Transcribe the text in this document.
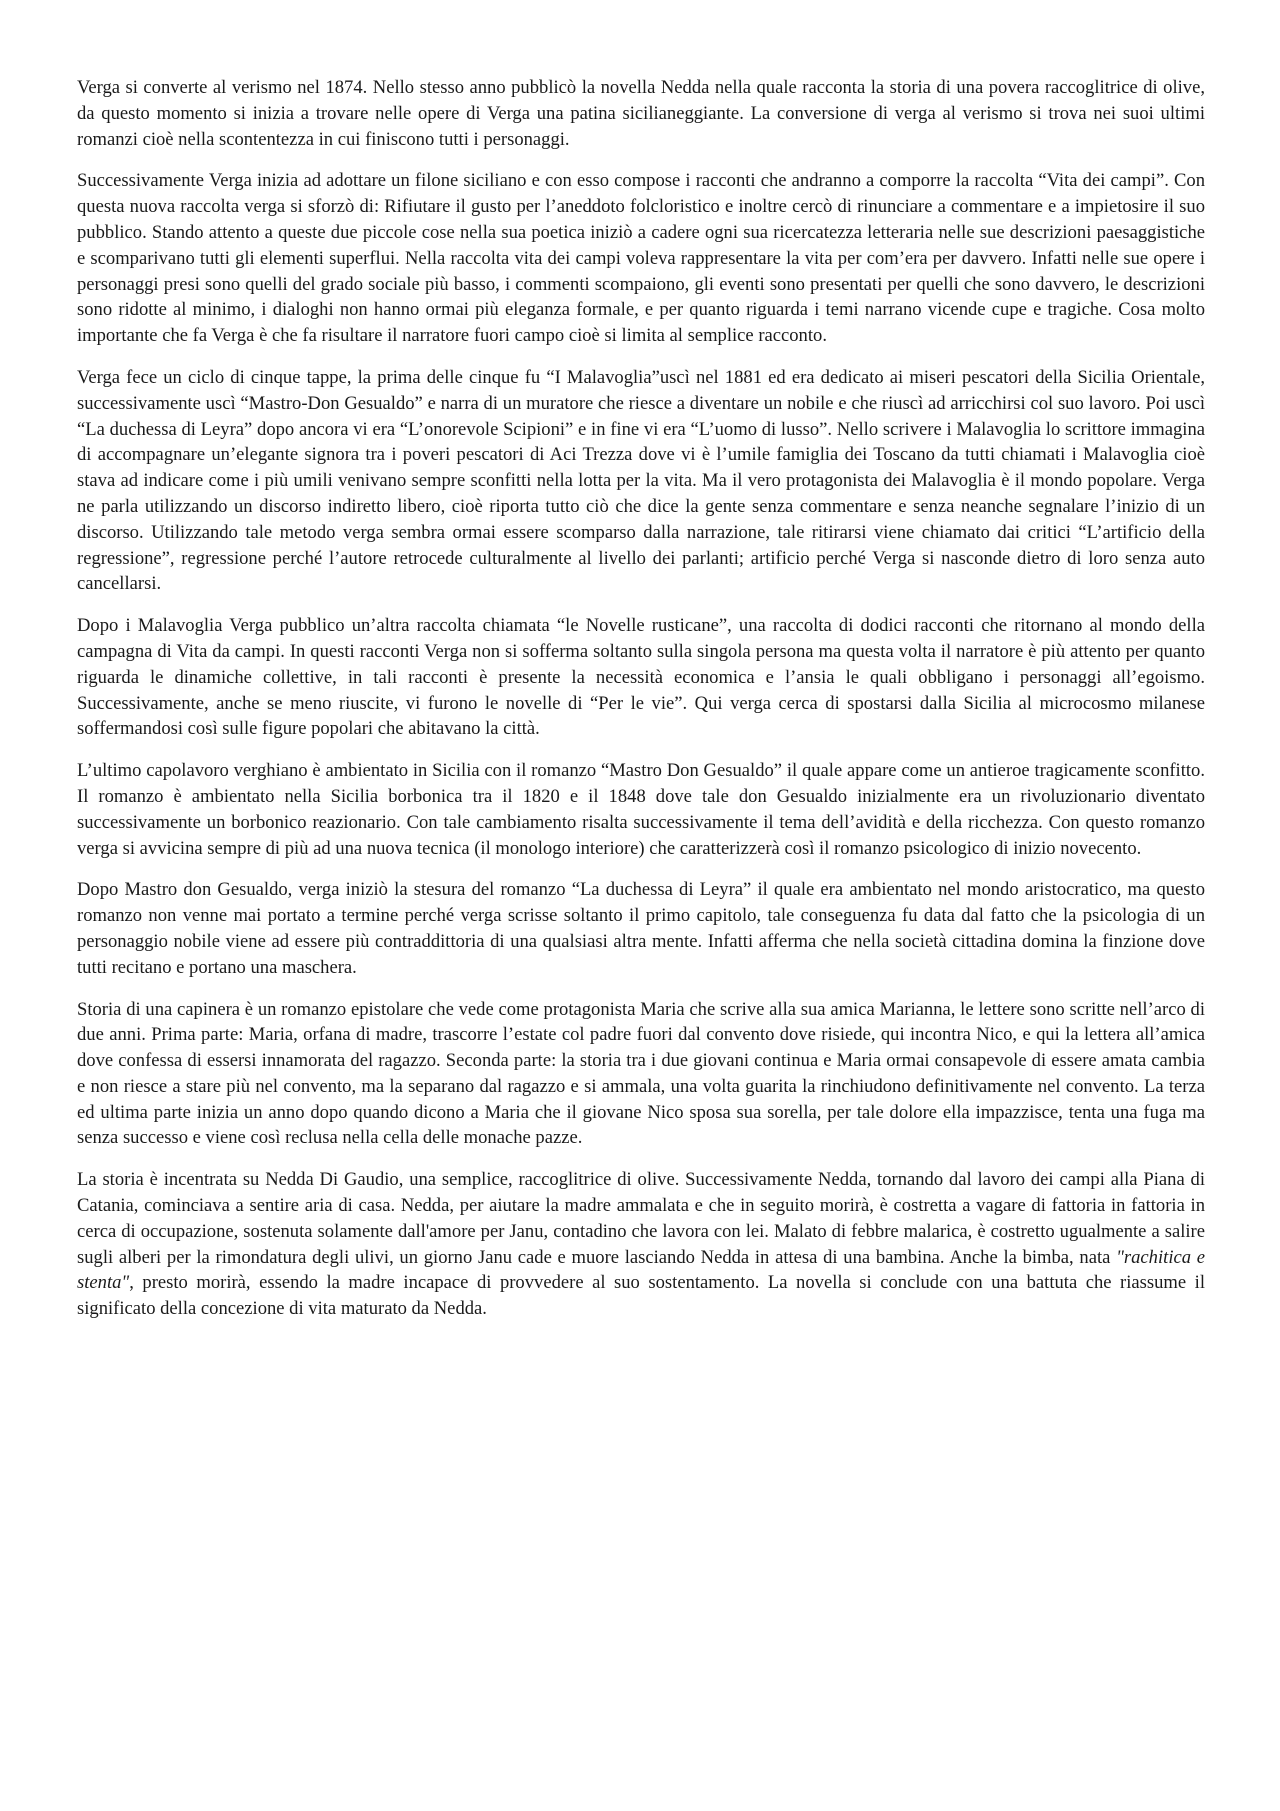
Verga si converte al verismo nel 1874. Nello stesso anno pubblicò la novella Nedda nella quale racconta la storia di una povera raccoglitrice di olive, da questo momento si inizia a trovare nelle opere di Verga una patina sicilianeggiante. La conversione di verga al verismo si trova nei suoi ultimi romanzi cioè nella scontentezza in cui finiscono tutti i personaggi.

Successivamente Verga inizia ad adottare un filone siciliano e con esso compose i racconti che andranno a comporre la raccolta “Vita dei campi”. Con questa nuova raccolta verga si sforzò di: Rifiutare il gusto per l’aneddoto folcloristico e inoltre cercò di rinunciare a commentare e a impietosire il suo pubblico. Stando attento a queste due piccole cose nella sua poetica iniziò a cadere ogni sua ricercatezza letteraria nelle sue descrizioni paesaggistiche e scomparivano tutti gli elementi superflui. Nella raccolta vita dei campi voleva rappresentare la vita per com’era per davvero. Infatti nelle sue opere i personaggi presi sono quelli del grado sociale più basso, i commenti scompaiono, gli eventi sono presentati per quelli che sono davvero, le descrizioni sono ridotte al minimo, i dialoghi non hanno ormai più eleganza formale, e per quanto riguarda i temi narrano vicende cupe e tragiche. Cosa molto importante che fa Verga è che fa risultare il narratore fuori campo cioè si limita al semplice racconto.

Verga fece un ciclo di cinque tappe, la prima delle cinque fu “I Malavoglia”uscì nel 1881 ed era dedicato ai miseri pescatori della Sicilia Orientale, successivamente uscì “Mastro-Don Gesualdo” e narra di un muratore che riesce a diventare un nobile e che riuscì ad arricchirsi col suo lavoro. Poi uscì “La duchessa di Leyra” dopo ancora vi era “L’onorevole Scipioni” e in fine vi era “L’uomo di lusso”. Nello scrivere i Malavoglia lo scrittore immagina di accompagnare un’elegante signora tra i poveri pescatori di Aci Trezza dove vi è l’umile famiglia dei Toscano da tutti chiamati i Malavoglia cioè stava ad indicare come i più umili venivano sempre sconfitti nella lotta per la vita. Ma il vero protagonista dei Malavoglia è il mondo popolare. Verga ne parla utilizzando un discorso indiretto libero, cioè riporta tutto ciò che dice la gente senza commentare e senza neanche segnalare l’inizio di un discorso. Utilizzando tale metodo verga sembra ormai essere scomparso dalla narrazione, tale ritirarsi viene chiamato dai critici “L’artificio della regressione”, regressione perché l’autore retrocede culturalmente al livello dei parlanti; artificio perché Verga si nasconde dietro di loro senza auto cancellarsi.

Dopo i Malavoglia Verga pubblico un’altra raccolta chiamata “le Novelle rusticane”, una raccolta di dodici racconti che ritornano al mondo della campagna di Vita da campi. In questi racconti Verga non si sofferma soltanto sulla singola persona ma questa volta il narratore è più attento per quanto riguarda le dinamiche collettive, in tali racconti è presente la necessità economica e l’ansia le quali obbligano i personaggi all’egoismo. Successivamente, anche se meno riuscite, vi furono le novelle di “Per le vie”. Qui verga cerca di spostarsi dalla Sicilia al microcosmo milanese soffermandosi così sulle figure popolari che abitavano la città.

L’ultimo capolavoro verghiano è ambientato in Sicilia con il romanzo “Mastro Don Gesualdo” il quale appare come un antieroe tragicamente sconfitto. Il romanzo è ambientato nella Sicilia borbonica tra il 1820 e il 1848 dove tale don Gesualdo inizialmente era un rivoluzionario diventato successivamente un borbonico reazionario. Con tale cambiamento risalta successivamente il tema dell’avidità e della ricchezza. Con questo romanzo verga si avvicina sempre di più ad una nuova tecnica (il monologo interiore) che caratterizzerà così il romanzo psicologico di inizio novecento.

Dopo Mastro don Gesualdo, verga iniziò la stesura del romanzo “La duchessa di Leyra” il quale era ambientato nel mondo aristocratico, ma questo romanzo non venne mai portato a termine perché verga scrisse soltanto il primo capitolo, tale conseguenza fu data dal fatto che la psicologia di un personaggio nobile viene ad essere più contraddittoria di una qualsiasi altra mente. Infatti afferma che nella società cittadina domina la finzione dove tutti recitano e portano una maschera.

Storia di una capinera è un romanzo epistolare che vede come protagonista Maria che scrive alla sua amica Marianna, le lettere sono scritte nell’arco di due anni. Prima parte: Maria, orfana di madre, trascorre l’estate col padre fuori dal convento dove risiede, qui incontra Nico, e qui la lettera all’amica dove confessa di essersi innamorata del ragazzo. Seconda parte: la storia tra i due giovani continua e Maria ormai consapevole di essere amata cambia e non riesce a stare più nel convento, ma la separano dal ragazzo e si ammala, una volta guarita la rinchiudono definitivamente nel convento. La terza ed ultima parte inizia un anno dopo quando dicono a Maria che il giovane Nico sposa sua sorella, per tale dolore ella impazzisce, tenta una fuga ma senza successo e viene così reclusa nella cella delle monache pazze.

La storia è incentrata su Nedda Di Gaudio, una semplice, raccoglitrice di olive. Successivamente Nedda, tornando dal lavoro dei campi alla Piana di Catania, cominciava a sentire aria di casa. Nedda, per aiutare la madre ammalata e che in seguito morirà, è costretta a vagare di fattoria in fattoria in cerca di occupazione, sostenuta solamente dall'amore per Janu, contadino che lavora con lei. Malato di febbre malarica, è costretto ugualmente a salire sugli alberi per la rimondatura degli ulivi, un giorno Janu cade e muore lasciando Nedda in attesa di una bambina. Anche la bimba, nata "rachitica e stenta", presto morirà, essendo la madre incapace di provvedere al suo sostentamento. La novella si conclude con una battuta che riassume il significato della concezione di vita maturato da Nedda.
